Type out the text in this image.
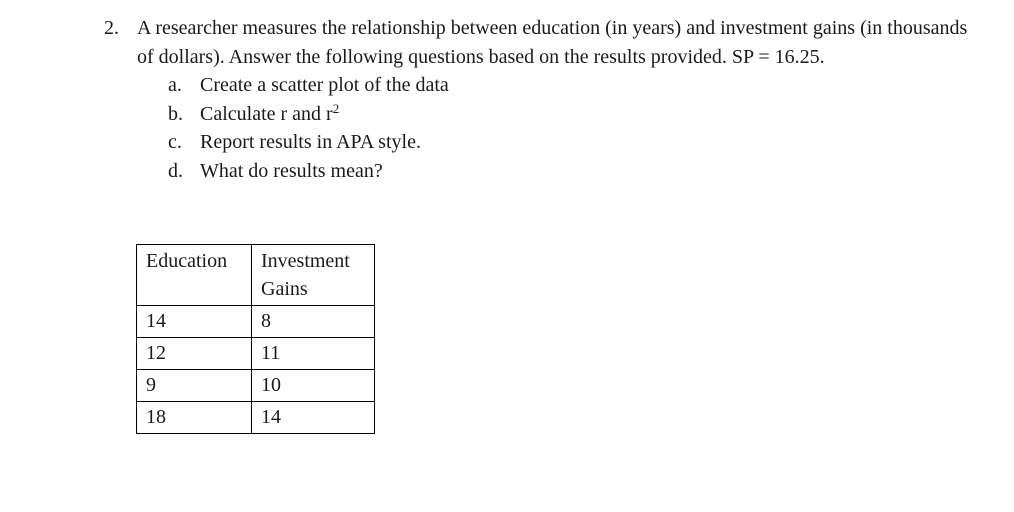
2. A researcher measures the relationship between education (in years) and investment gains (in thousands of dollars). Answer the following questions based on the results provided. SP = 16.25.
a. Create a scatter plot of the data
b. Calculate r and $r^2$
c. Report results in APA style.
d. What do results mean?
Education	Investment Gains
14	8
12	11
9	10
18	14
